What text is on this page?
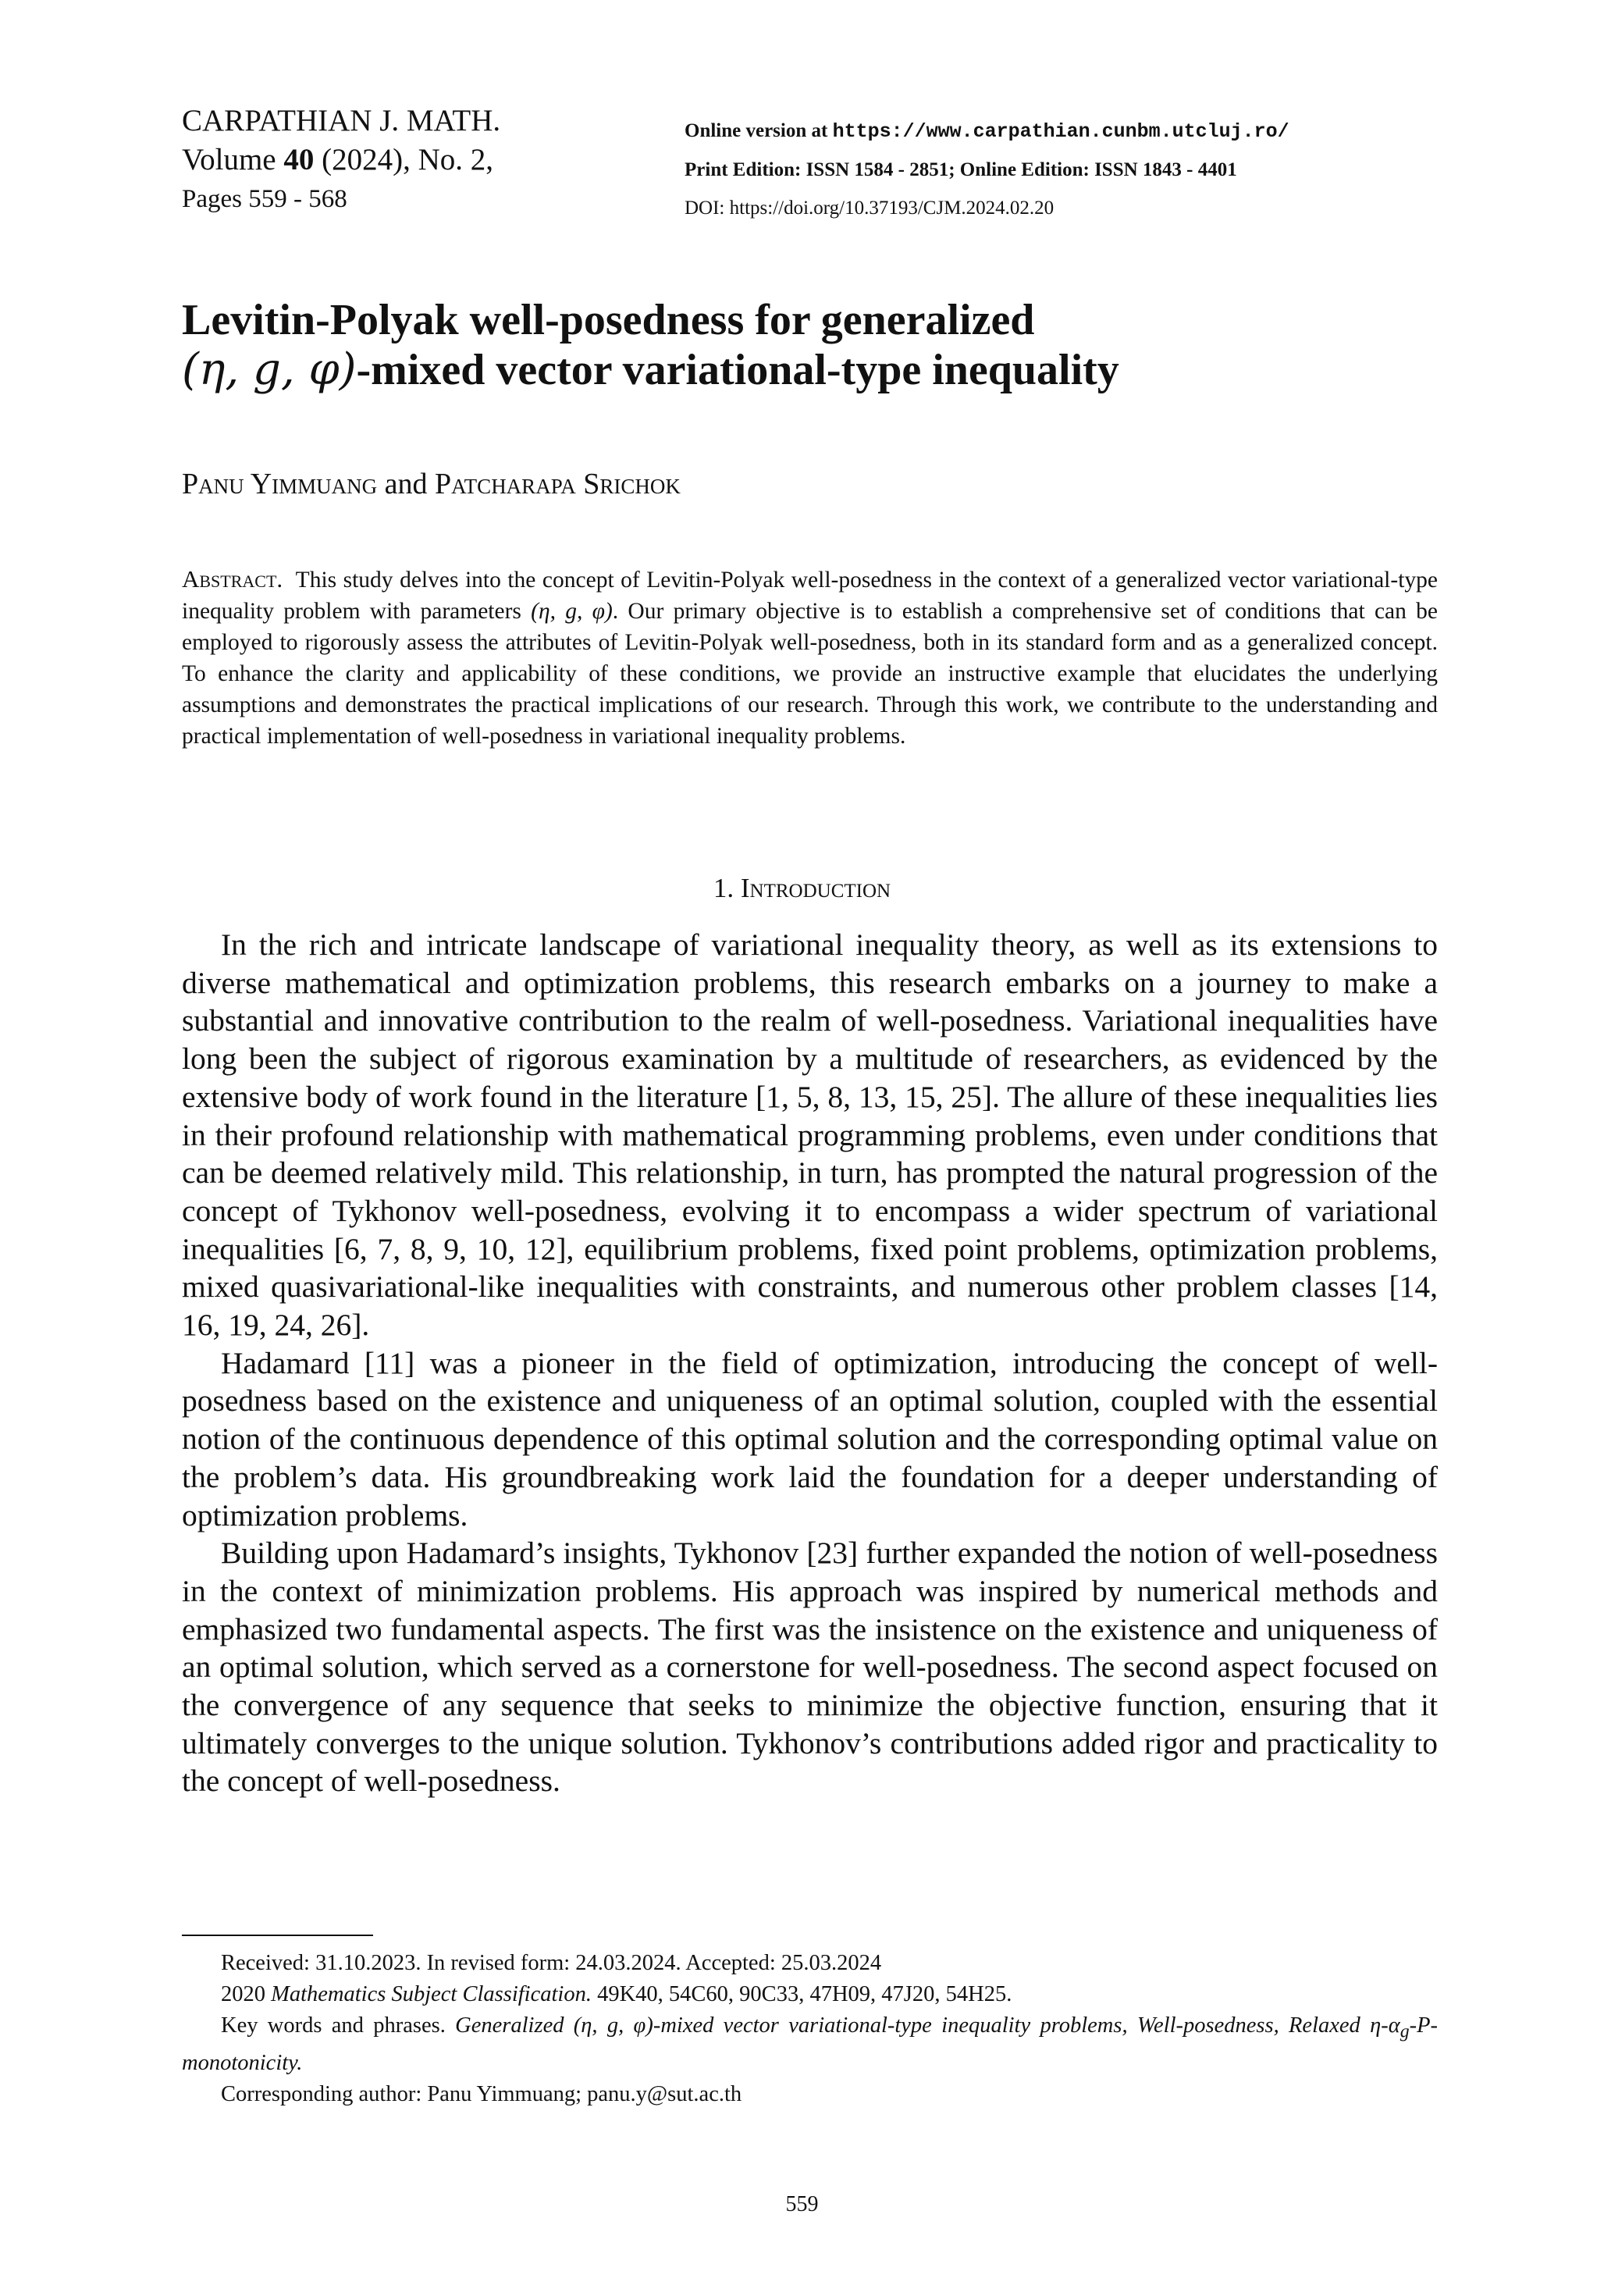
CARPATHIAN J. MATH.
Volume 40 (2024), No. 2,
Pages 559 - 568
Online version at https://www.carpathian.cunbm.utcluj.ro/
Print Edition: ISSN 1584 - 2851; Online Edition: ISSN 1843 - 4401
DOI: https://doi.org/10.37193/CJM.2024.02.20
Levitin-Polyak well-posedness for generalized
(η, g, φ)-mixed vector variational-type inequality
Panu Yimmuang and Patcharapa Srichok
Abstract. This study delves into the concept of Levitin-Polyak well-posedness in the context of a generalized vector variational-type inequality problem with parameters (η, g, φ). Our primary objective is to establish a comprehensive set of conditions that can be employed to rigorously assess the attributes of Levitin-Polyak well-posedness, both in its standard form and as a generalized concept. To enhance the clarity and applicability of these conditions, we provide an instructive example that elucidates the underlying assumptions and demonstrates the practical implications of our research. Through this work, we contribute to the understanding and practical implementation of well-posedness in variational inequality problems.
1. Introduction

In the rich and intricate landscape of variational inequality theory, as well as its extensions to diverse mathematical and optimization problems, this research embarks on a journey to make a substantial and innovative contribution to the realm of well-posedness. Variational inequalities have long been the subject of rigorous examination by a multitude of researchers, as evidenced by the extensive body of work found in the literature [1, 5, 8, 13, 15, 25]. The allure of these inequalities lies in their profound relationship with mathematical programming problems, even under conditions that can be deemed relatively mild. This relationship, in turn, has prompted the natural progression of the concept of Tykhonov well-posedness, evolving it to encompass a wider spectrum of variational inequalities [6, 7, 8, 9, 10, 12], equilibrium problems, fixed point problems, optimization problems, mixed quasivariational-like inequalities with constraints, and numerous other problem classes [14, 16, 19, 24, 26].

Hadamard [11] was a pioneer in the field of optimization, introducing the concept of well-posedness based on the existence and uniqueness of an optimal solution, coupled with the essential notion of the continuous dependence of this optimal solution and the corresponding optimal value on the problem’s data. His groundbreaking work laid the foundation for a deeper understanding of optimization problems.

Building upon Hadamard’s insights, Tykhonov [23] further expanded the notion of well-posedness in the context of minimization problems. His approach was inspired by numerical methods and emphasized two fundamental aspects. The first was the insistence on the existence and uniqueness of an optimal solution, which served as a cornerstone for well-posedness. The second aspect focused on the convergence of any sequence that seeks to minimize the objective function, ensuring that it ultimately converges to the unique solution. Tykhonov’s contributions added rigor and practicality to the concept of well-posedness.

Received: 31.10.2023. In revised form: 24.03.2024. Accepted: 25.03.2024

2020 Mathematics Subject Classification. 49K40, 54C60, 90C33, 47H09, 47J20, 54H25.

Key words and phrases. Generalized (η, g, φ)-mixed vector variational-type inequality problems, Well-posedness, Relaxed $\eta-\alpha_g-P$-monotonicity.

Corresponding author: Panu Yimmuang; panu.y@sut.ac.th

559
